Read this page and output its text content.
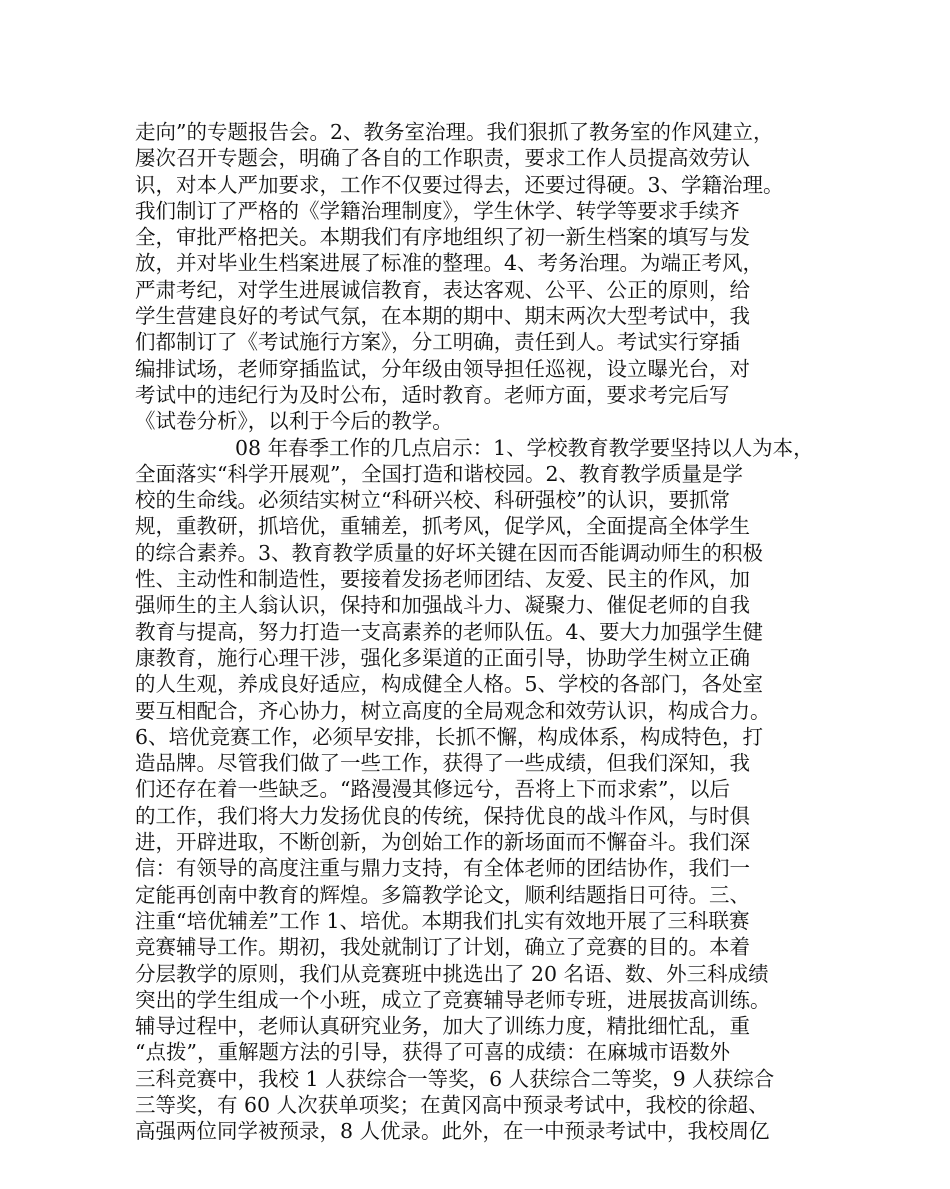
走向”的专题报告会。2、教务室治理。我们狠抓了教务室的作风建立，
屡次召开专题会，明确了各自的工作职责，要求工作人员提高效劳认
识，对本人严加要求，工作不仅要过得去，还要过得硬。3、学籍治理。
我们制订了严格的《学籍治理制度》，学生休学、转学等要求手续齐
全，审批严格把关。本期我们有序地组织了初一新生档案的填写与发
放，并对毕业生档案进展了标准的整理。4、考务治理。为端正考风，
严肃考纪，对学生进展诚信教育，表达客观、公平、公正的原则，给
学生营建良好的考试气氛，在本期的期中、期末两次大型考试中，我
们都制订了《考试施行方案》，分工明确，责任到人。考试实行穿插
编排试场，老师穿插监试，分年级由领导担任巡视，设立曝光台，对
考试中的违纪行为及时公布，适时教育。老师方面，要求考完后写
《试卷分析》，以利于今后的教学。
08 年春季工作的几点启示：1、学校教育教学要坚持以人为本，
全面落实“科学开展观”，全国打造和谐校园。2、教育教学质量是学
校的生命线。必须结实树立“科研兴校、科研强校”的认识，要抓常
规，重教研，抓培优，重辅差，抓考风，促学风，全面提高全体学生
的综合素养。3、教育教学质量的好坏关键在因而否能调动师生的积极
性、主动性和制造性，要接着发扬老师团结、友爱、民主的作风，加
强师生的主人翁认识，保持和加强战斗力、凝聚力、催促老师的自我
教育与提高，努力打造一支高素养的老师队伍。4、要大力加强学生健
康教育，施行心理干涉，强化多渠道的正面引导，协助学生树立正确
的人生观，养成良好适应，构成健全人格。5、学校的各部门，各处室
要互相配合，齐心协力，树立高度的全局观念和效劳认识，构成合力。
6、培优竞赛工作，必须早安排，长抓不懈，构成体系，构成特色，打
造品牌。尽管我们做了一些工作，获得了一些成绩，但我们深知，我
们还存在着一些缺乏。“路漫漫其修远兮，吾将上下而求索”，以后
的工作，我们将大力发扬优良的传统，保持优良的战斗作风，与时俱
进，开辟进取，不断创新，为创始工作的新场面而不懈奋斗。我们深
信：有领导的高度注重与鼎力支持，有全体老师的团结协作，我们一
定能再创南中教育的辉煌。多篇教学论文，顺利结题指日可待。三、
注重“培优辅差”工作 1、培优。本期我们扎实有效地开展了三科联赛
竞赛辅导工作。期初，我处就制订了计划，确立了竞赛的目的。本着
分层教学的原则，我们从竞赛班中挑选出了 20 名语、数、外三科成绩
突出的学生组成一个小班，成立了竞赛辅导老师专班，进展拔高训练。
辅导过程中，老师认真研究业务，加大了训练力度，精批细忙乱，重
“点拨”，重解题方法的引导，获得了可喜的成绩：在麻城市语数外
三科竞赛中，我校 1 人获综合一等奖，6 人获综合二等奖，9 人获综合
三等奖，有 60 人次获单项奖；在黄冈高中预录考试中，我校的徐超、
高强两位同学被预录，8 人优录。此外，在一中预录考试中，我校周亿
